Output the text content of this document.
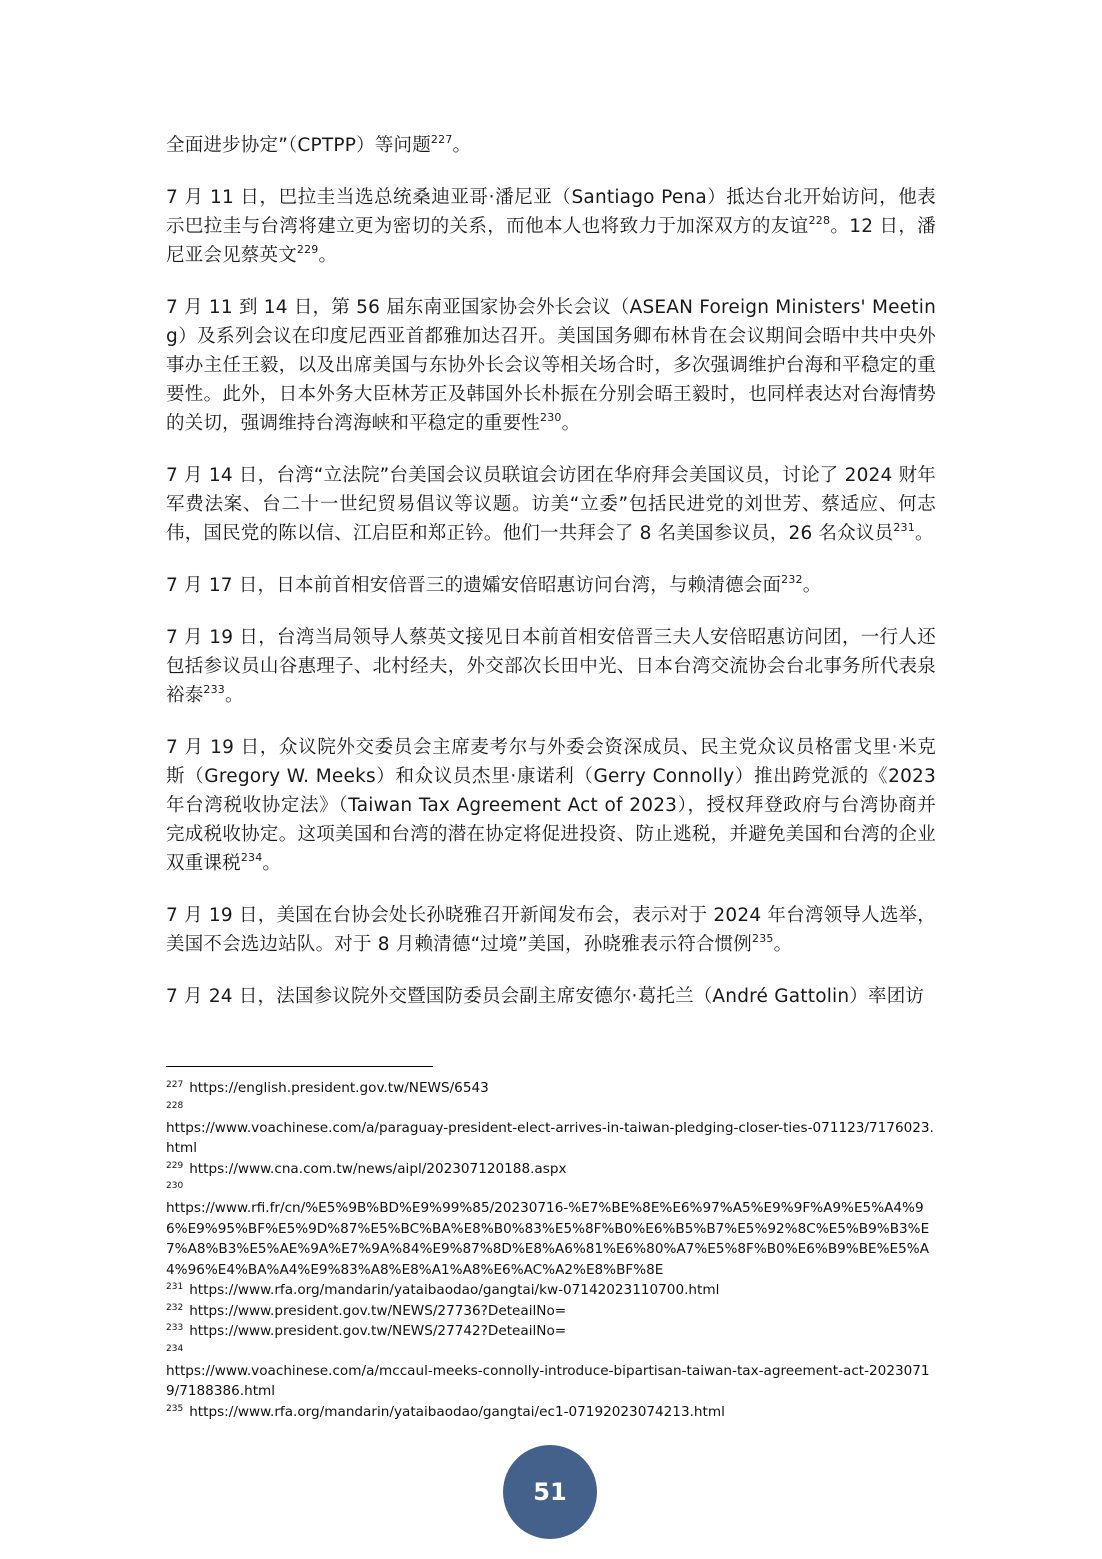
全面进步协定”（CPTPP）等问题$^{227}$。

7 月 11 日，巴拉圭当选总统桑迪亚哥·潘尼亚（Santiago Pena）抵达台北开始访问，他表示巴拉圭与台湾将建立更为密切的关系，而他本人也将致力于加深双方的友谊$^{228}$。12 日，潘尼亚会见蔡英文$^{229}$。

7 月 11 到 14 日，第 56 届东南亚国家协会外长会议（ASEAN Foreign Ministers' Meeting）及系列会议在印度尼西亚首都雅加达召开。美国国务卿布林肯在会议期间会晤中共中央外事办主任王毅，以及出席美国与东协外长会议等相关场合时，多次强调维护台海和平稳定的重要性。此外，日本外务大臣林芳正及韩国外长朴振在分别会晤王毅时，也同样表达对台海情势的关切，强调维持台湾海峡和平稳定的重要性$^{230}$。

7 月 14 日，台湾“立法院”台美国会议员联谊会访团在华府拜会美国议员，讨论了 2024 财年军费法案、台二十一世纪贸易倡议等议题。访美“立委”包括民进党的刘世芳、蔡适应、何志伟，国民党的陈以信、江启臣和郑正钤。他们一共拜会了 8 名美国参议员，26 名众议员$^{231}$。

7 月 17 日，日本前首相安倍晋三的遗孀安倍昭惠访问台湾，与赖清德会面$^{232}$。

7 月 19 日，台湾当局领导人蔡英文接见日本前首相安倍晋三夫人安倍昭惠访问团，一行人还包括参议员山谷惠理子、北村经夫，外交部次长田中光、日本台湾交流协会台北事务所代表泉裕泰$^{233}$。

7 月 19 日，众议院外交委员会主席麦考尔与外委会资深成员、民主党众议员格雷戈里·米克斯（Gregory W. Meeks）和众议员杰里·康诺利（Gerry Connolly）推出跨党派的《2023 年台湾税收协定法》（Taiwan Tax Agreement Act of 2023），授权拜登政府与台湾协商并完成税收协定。这项美国和台湾的潜在协定将促进投资、防止逃税，并避免美国和台湾的企业双重课税$^{234}$。

7 月 19 日，美国在台协会处长孙晓雅召开新闻发布会，表示对于 2024 年台湾领导人选举，美国不会选边站队。对于 8 月赖清德“过境”美国，孙晓雅表示符合惯例$^{235}$。

7 月 24 日，法国参议院外交暨国防委员会副主席安德尔·葛托兰（André Gattolin）率团访

$^{227}$ https://english.president.gov.tw/NEWS/6543
228
https://www.voachinese.com/a/paraguay-president-elect-arrives-in-taiwan-pledging-closer-ties-071123/7176023.html
$^{229}$ https://www.cna.com.tw/news/aipl/202307120188.aspx
230
https://www.rfi.fr/cn/%E5%9B%BD%E9%99%85/20230716-%E7%BE%8E%E6%97%A5%E9%9F%A9%E5%A4%96%E9%95%BF%E5%9D%87%E5%BC%BA%E8%B0%83%E5%8F%B0%E6%B5%B7%E5%92%8C%E5%B9%B3%E7%A8%B3%E5%AE%9A%E7%9A%84%E9%87%8D%E8%A6%81%E6%80%A7%E5%8F%B0%E6%B9%BE%E5%A4%96%E4%BA%A4%E9%83%A8%E8%A1%A8%E6%AC%A2%E8%BF%8E
$^{231}$ https://www.rfa.org/mandarin/yataibaodao/gangtai/kw-07142023110700.html
$^{232}$ https://www.president.gov.tw/NEWS/27736?DeteailNo=
$^{233}$ https://www.president.gov.tw/NEWS/27742?DeteailNo=
234
https://www.voachinese.com/a/mccaul-meeks-connolly-introduce-bipartisan-taiwan-tax-agreement-act-20230719/7188386.html
$^{235}$ https://www.rfa.org/mandarin/yataibaodao/gangtai/ec1-07192023074213.html
51
